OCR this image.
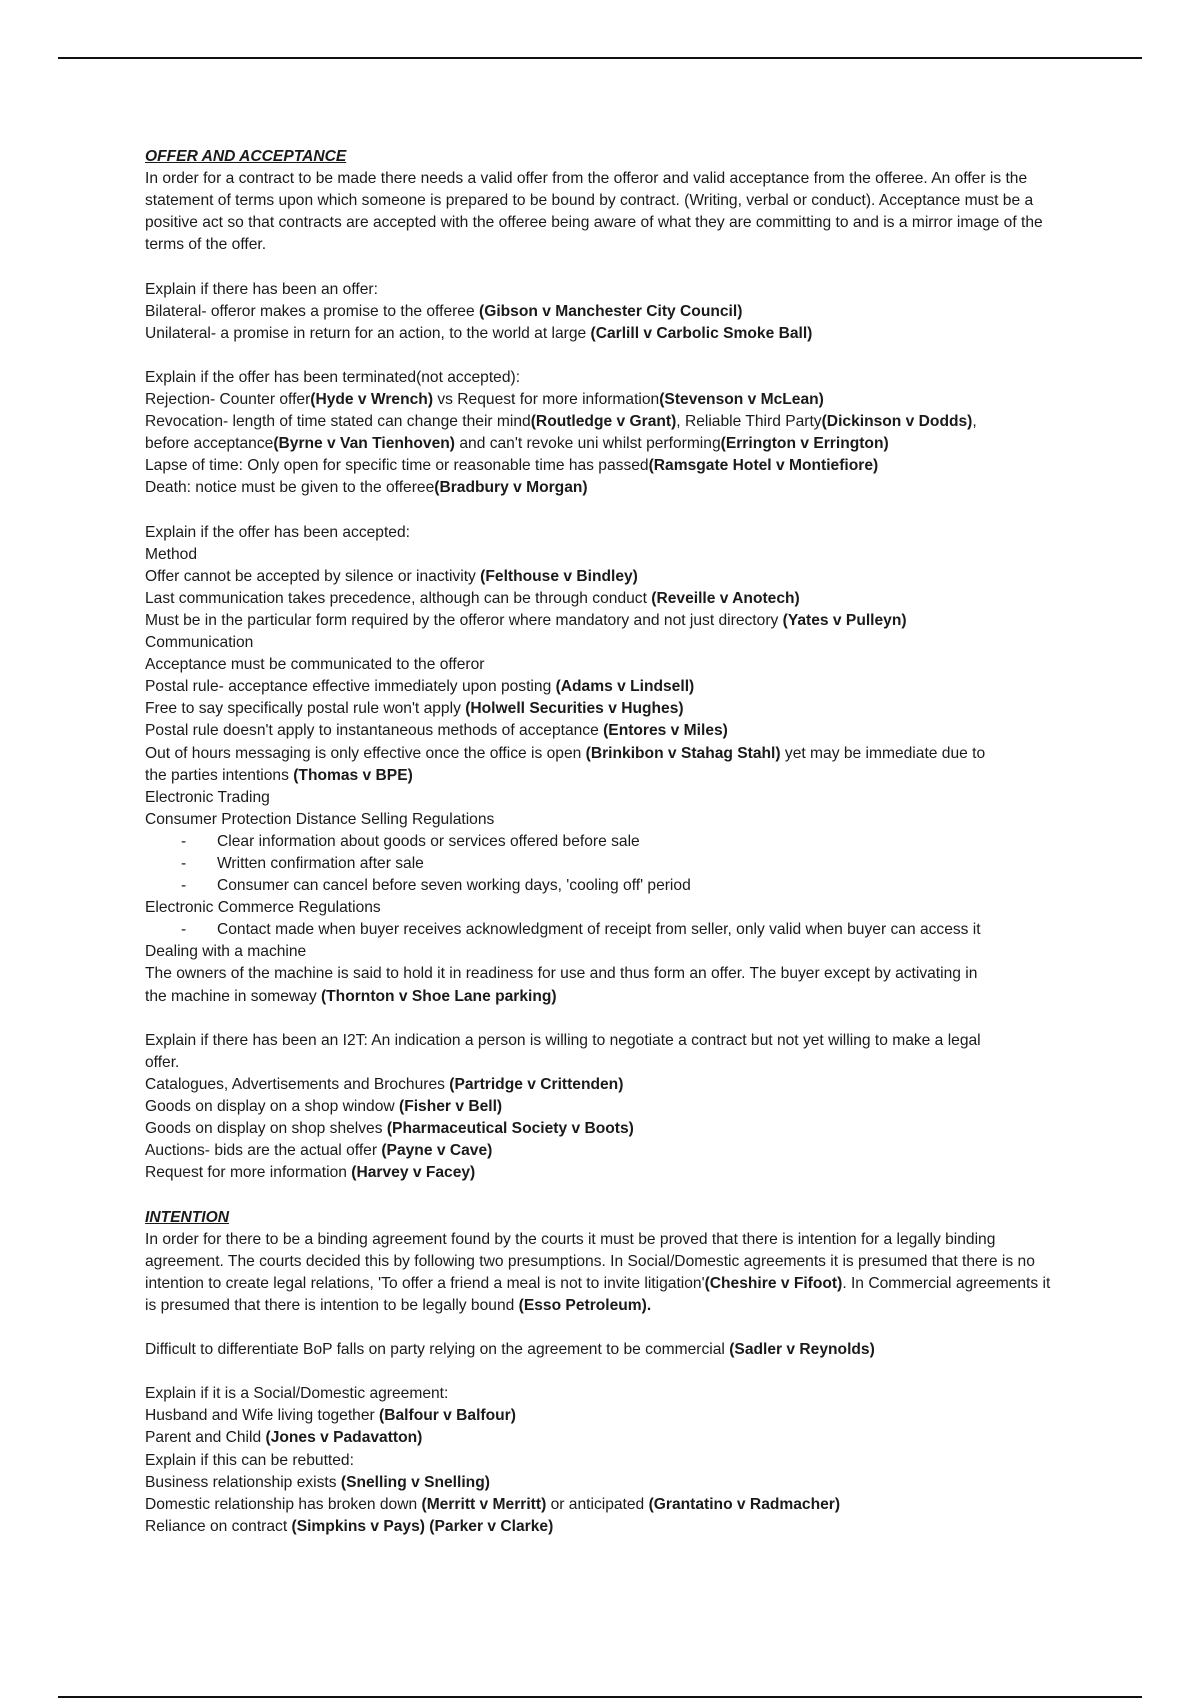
OFFER AND ACCEPTANCE
In order for a contract to be made there needs a valid offer from the offeror and valid acceptance from the offeree. An offer is the statement of terms upon which someone is prepared to be bound by contract. (Writing, verbal or conduct). Acceptance must be a positive act so that contracts are accepted with the offeree being aware of what they are committing to and is a mirror image of the terms of the offer.
Explain if there has been an offer:
Bilateral- offeror makes a promise to the offeree (Gibson v Manchester City Council)
Unilateral- a promise in return for an action, to the world at large (Carlill v Carbolic Smoke Ball)
Explain if the offer has been terminated(not accepted):
Rejection- Counter offer(Hyde v Wrench) vs Request for more information(Stevenson v McLean)
Revocation- length of time stated can change their mind(Routledge v Grant), Reliable Third Party(Dickinson v Dodds),
before acceptance(Byrne v Van Tienhoven) and can't revoke uni whilst performing(Errington v Errington)
Lapse of time: Only open for specific time or reasonable time has passed(Ramsgate Hotel v Montiefiore)
Death: notice must be given to the offeree(Bradbury v Morgan)
Explain if the offer has been accepted:
Method
Offer cannot be accepted by silence or inactivity (Felthouse v Bindley)
Last communication takes precedence, although can be through conduct (Reveille v Anotech)
Must be in the particular form required by the offeror where mandatory and not just directory (Yates v Pulleyn)
Communication
Acceptance must be communicated to the offeror
Postal rule- acceptance effective immediately upon posting (Adams v Lindsell)
Free to say specifically postal rule won't apply (Holwell Securities v Hughes)
Postal rule doesn't apply to instantaneous methods of acceptance (Entores v Miles)
Out of hours messaging is only effective once the office is open (Brinkibon v Stahag Stahl) yet may be immediate due to
the parties intentions (Thomas v BPE)
Electronic Trading
Consumer Protection Distance Selling Regulations
- Clear information about goods or services offered before sale
- Written confirmation after sale
- Consumer can cancel before seven working days, 'cooling off' period
Electronic Commerce Regulations
- Contact made when buyer receives acknowledgment of receipt from seller, only valid when buyer can access it
Dealing with a machine
The owners of the machine is said to hold it in readiness for use and thus form an offer. The buyer except by activating in
the machine in someway (Thornton v Shoe Lane parking)
Explain if there has been an I2T: An indication a person is willing to negotiate a contract but not yet willing to make a legal
offer.
Catalogues, Advertisements and Brochures (Partridge v Crittenden)
Goods on display on a shop window (Fisher v Bell)
Goods on display on shop shelves (Pharmaceutical Society v Boots)
Auctions- bids are the actual offer (Payne v Cave)
Request for more information (Harvey v Facey)
INTENTION
In order for there to be a binding agreement found by the courts it must be proved that there is intention for a legally binding agreement. The courts decided this by following two presumptions. In Social/Domestic agreements it is presumed that there is no intention to create legal relations, 'To offer a friend a meal is not to invite litigation'(Cheshire v Fifoot). In Commercial agreements it is presumed that there is intention to be legally bound (Esso Petroleum).
Difficult to differentiate BoP falls on party relying on the agreement to be commercial (Sadler v Reynolds)
Explain if it is a Social/Domestic agreement:
Husband and Wife living together (Balfour v Balfour)
Parent and Child (Jones v Padavatton)
Explain if this can be rebutted:
Business relationship exists (Snelling v Snelling)
Domestic relationship has broken down (Merritt v Merritt) or anticipated (Grantatino v Radmacher)
Reliance on contract (Simpkins v Pays) (Parker v Clarke)
